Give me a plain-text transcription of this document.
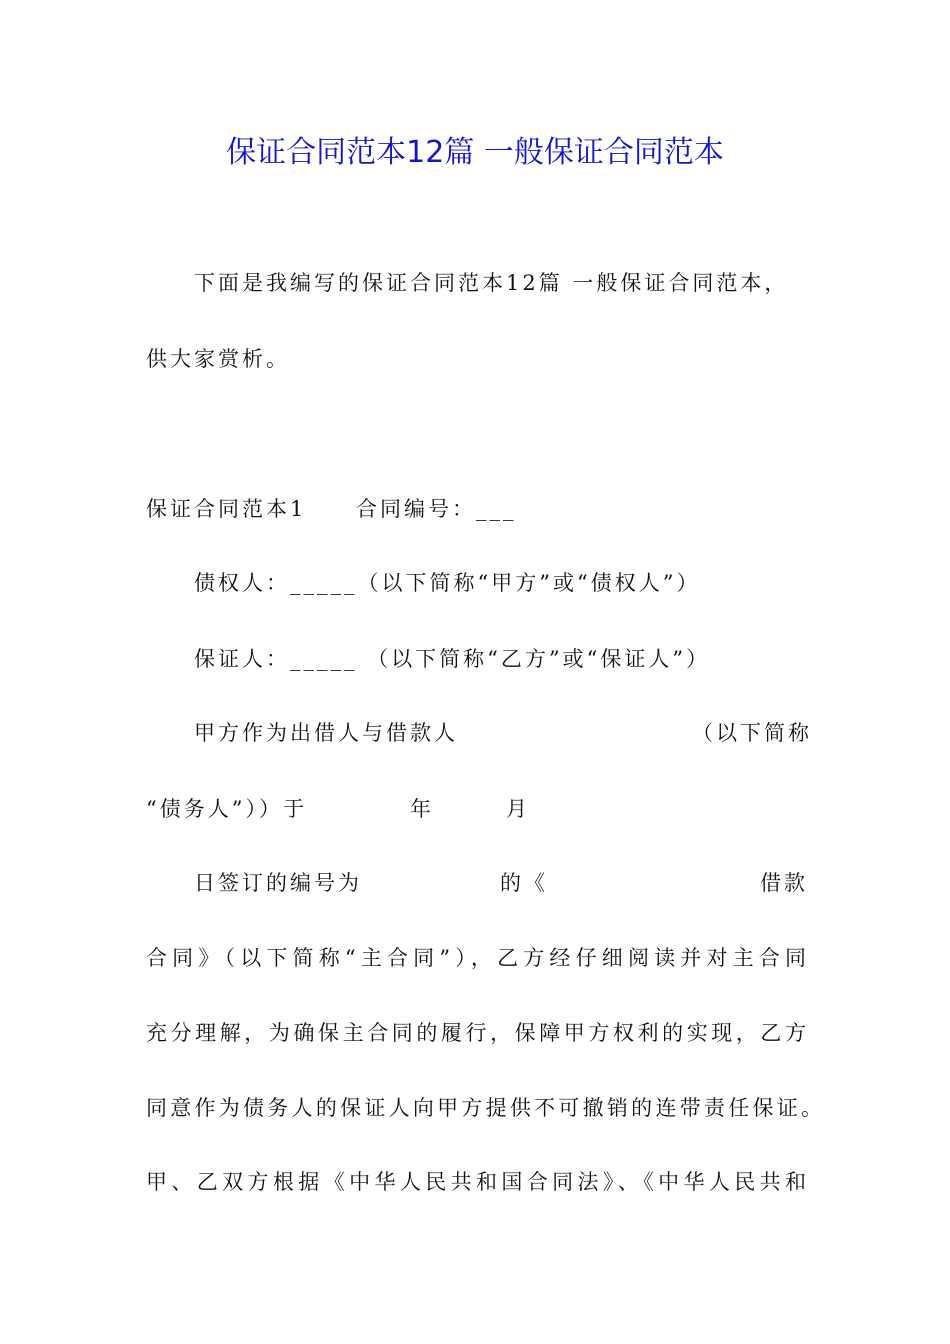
保证合同范本12篇 一般保证合同范本
下面是我编写的保证合同范本12篇 一般保证合同范本，
供大家赏析。
保证合同范本1 合同编号：___
债权人：_____（以下简称“甲方”或“债权人”）
保证人：_____ （以下简称“乙方”或“保证人”）
甲方作为出借人与借款人	（以下简称
“债务人”））于	年	月
日签订的编号为	的《	借款
合同》（以下简称“主合同”），乙方经仔细阅读并对主合同
充分理解，为确保主合同的履行，保障甲方权利的实现，乙方
同意作为债务人的保证人向甲方提供不可撤销的连带责任保证。
甲、乙双方根据《中华人民共和国合同法》、《中华人民共和
